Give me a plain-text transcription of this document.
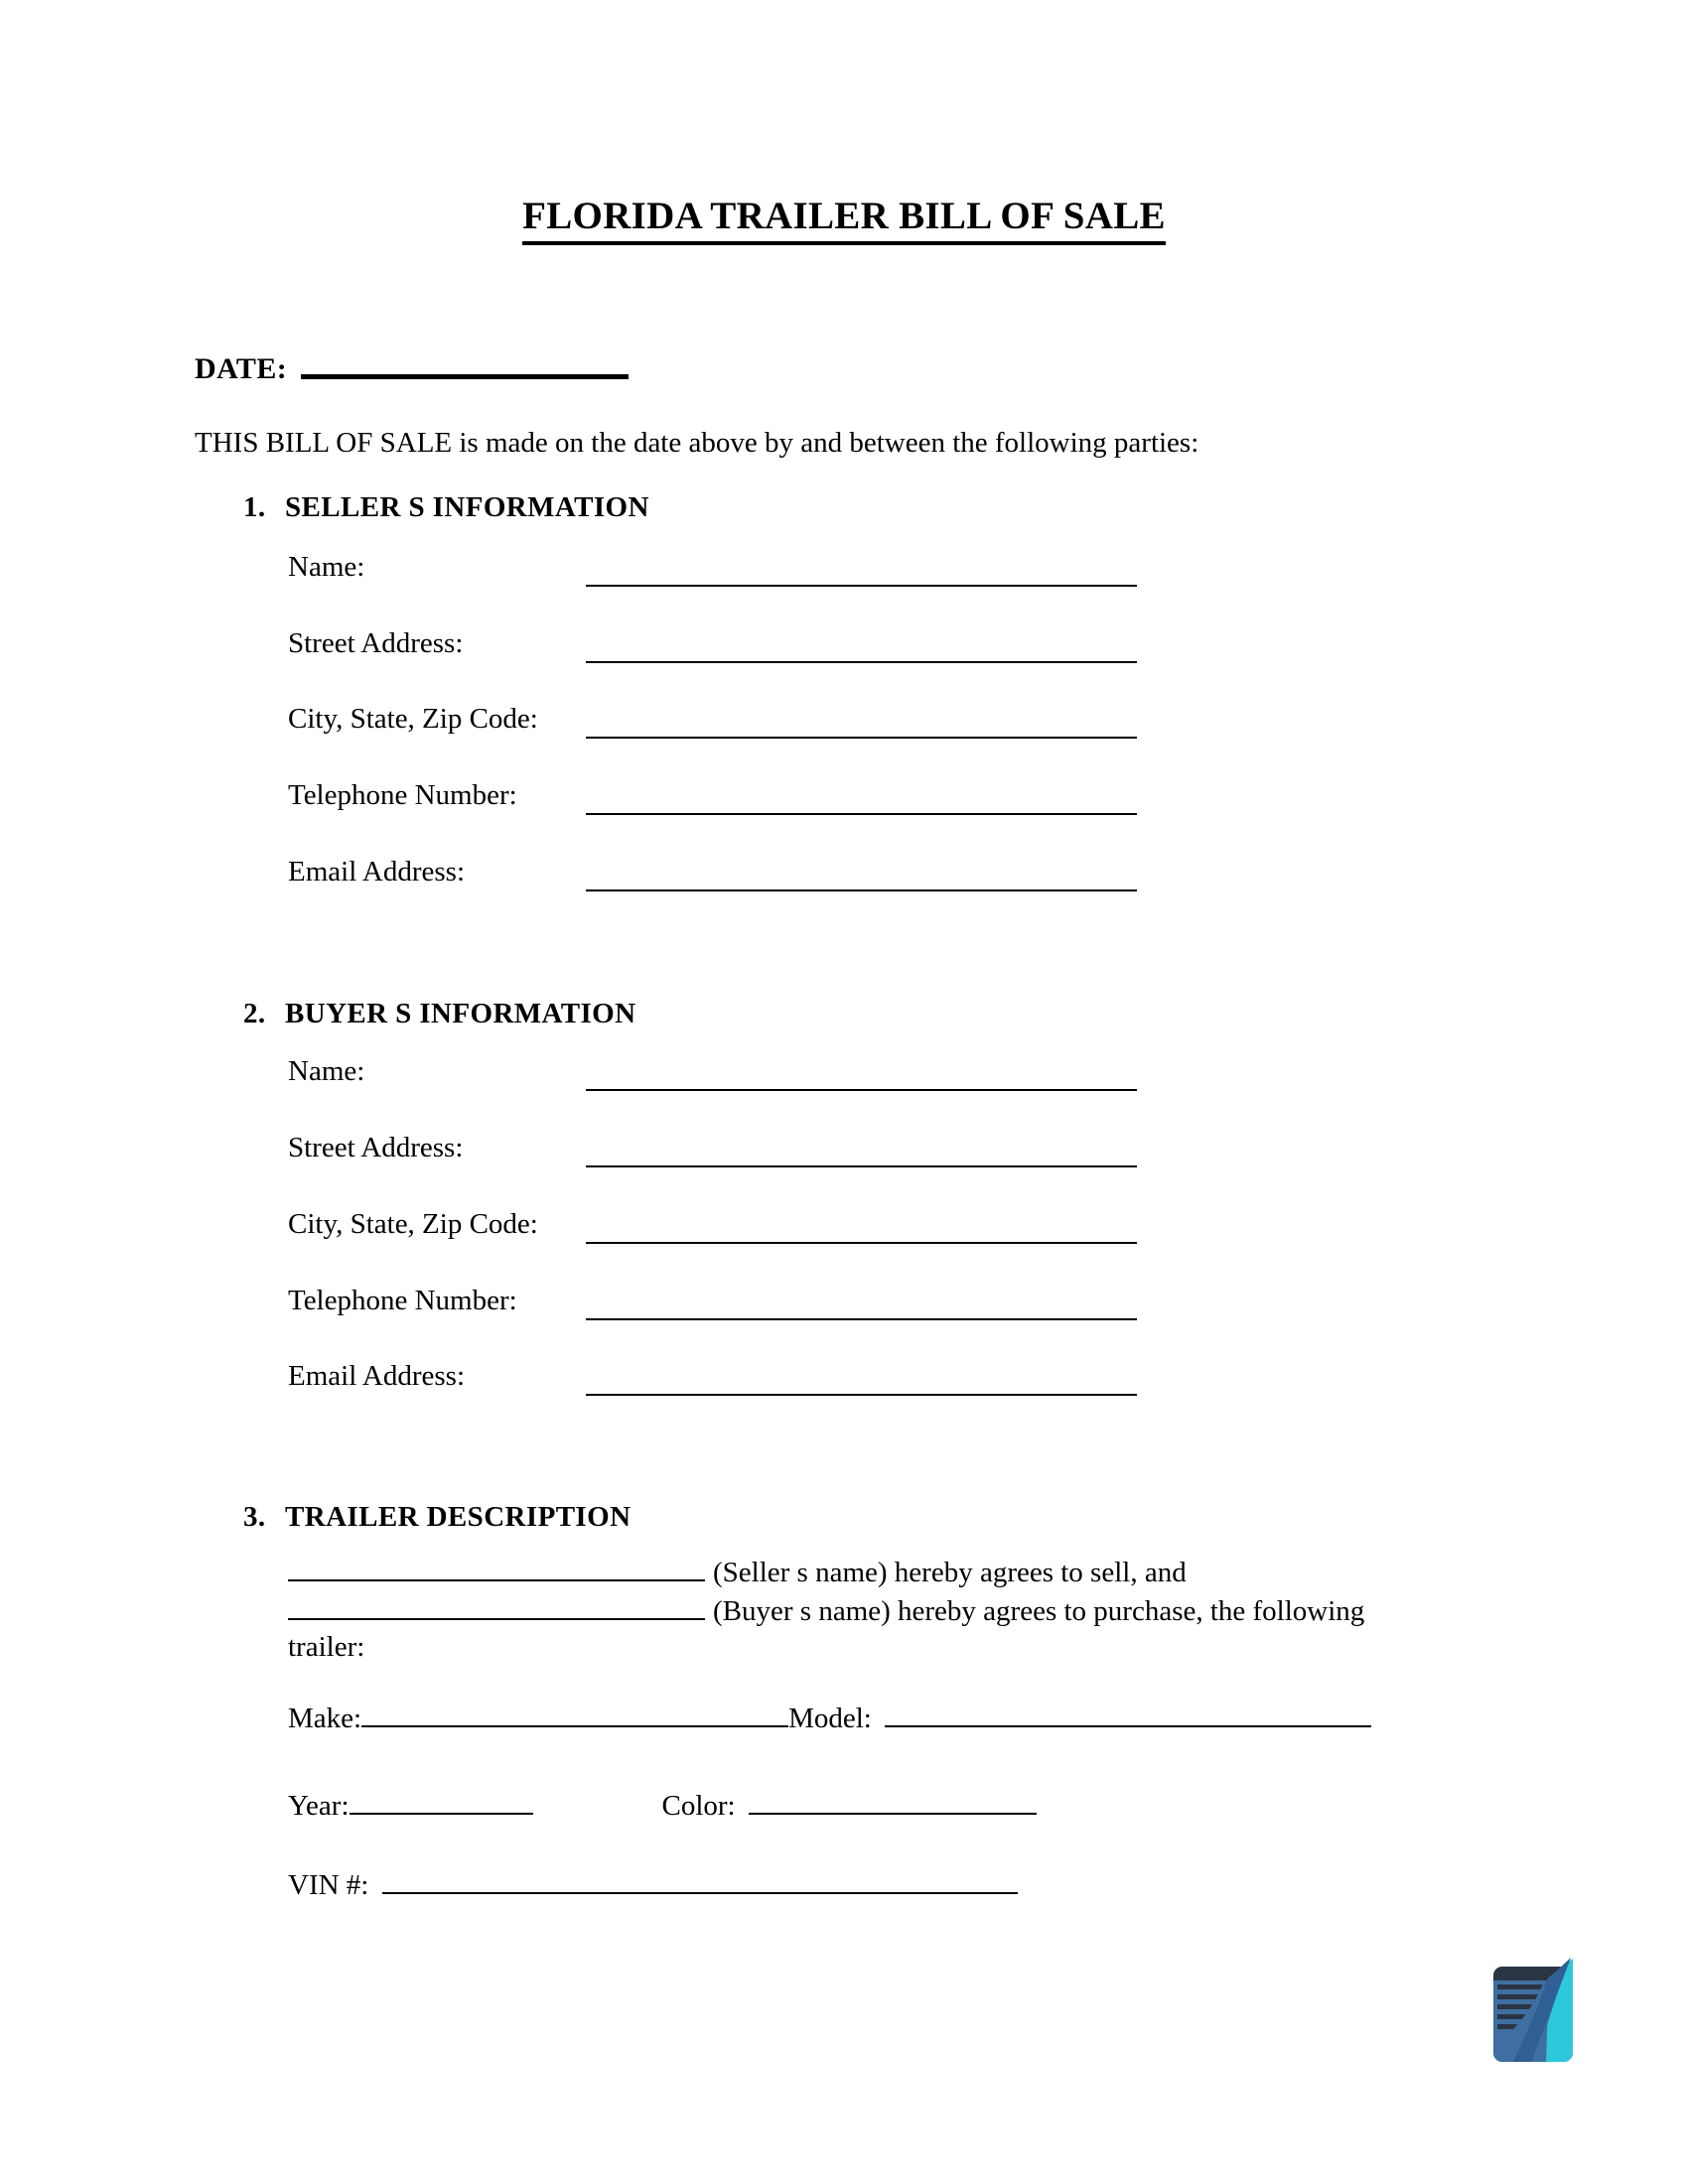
FLORIDA TRAILER BILL OF SALE
DATE:
THIS BILL OF SALE is made on the date above by and between the following parties:
1. SELLER S INFORMATION
Name:
Street Address:
City, State, Zip Code:
Telephone Number:
Email Address:
2. BUYER S INFORMATION
Name:
Street Address:
City, State, Zip Code:
Telephone Number:
Email Address:
3. TRAILER DESCRIPTION
(Seller s name) hereby agrees to sell, and
(Buyer s name) hereby agrees to purchase, the following
trailer:
Make:	Model:
Year:	Color:
VIN #:
